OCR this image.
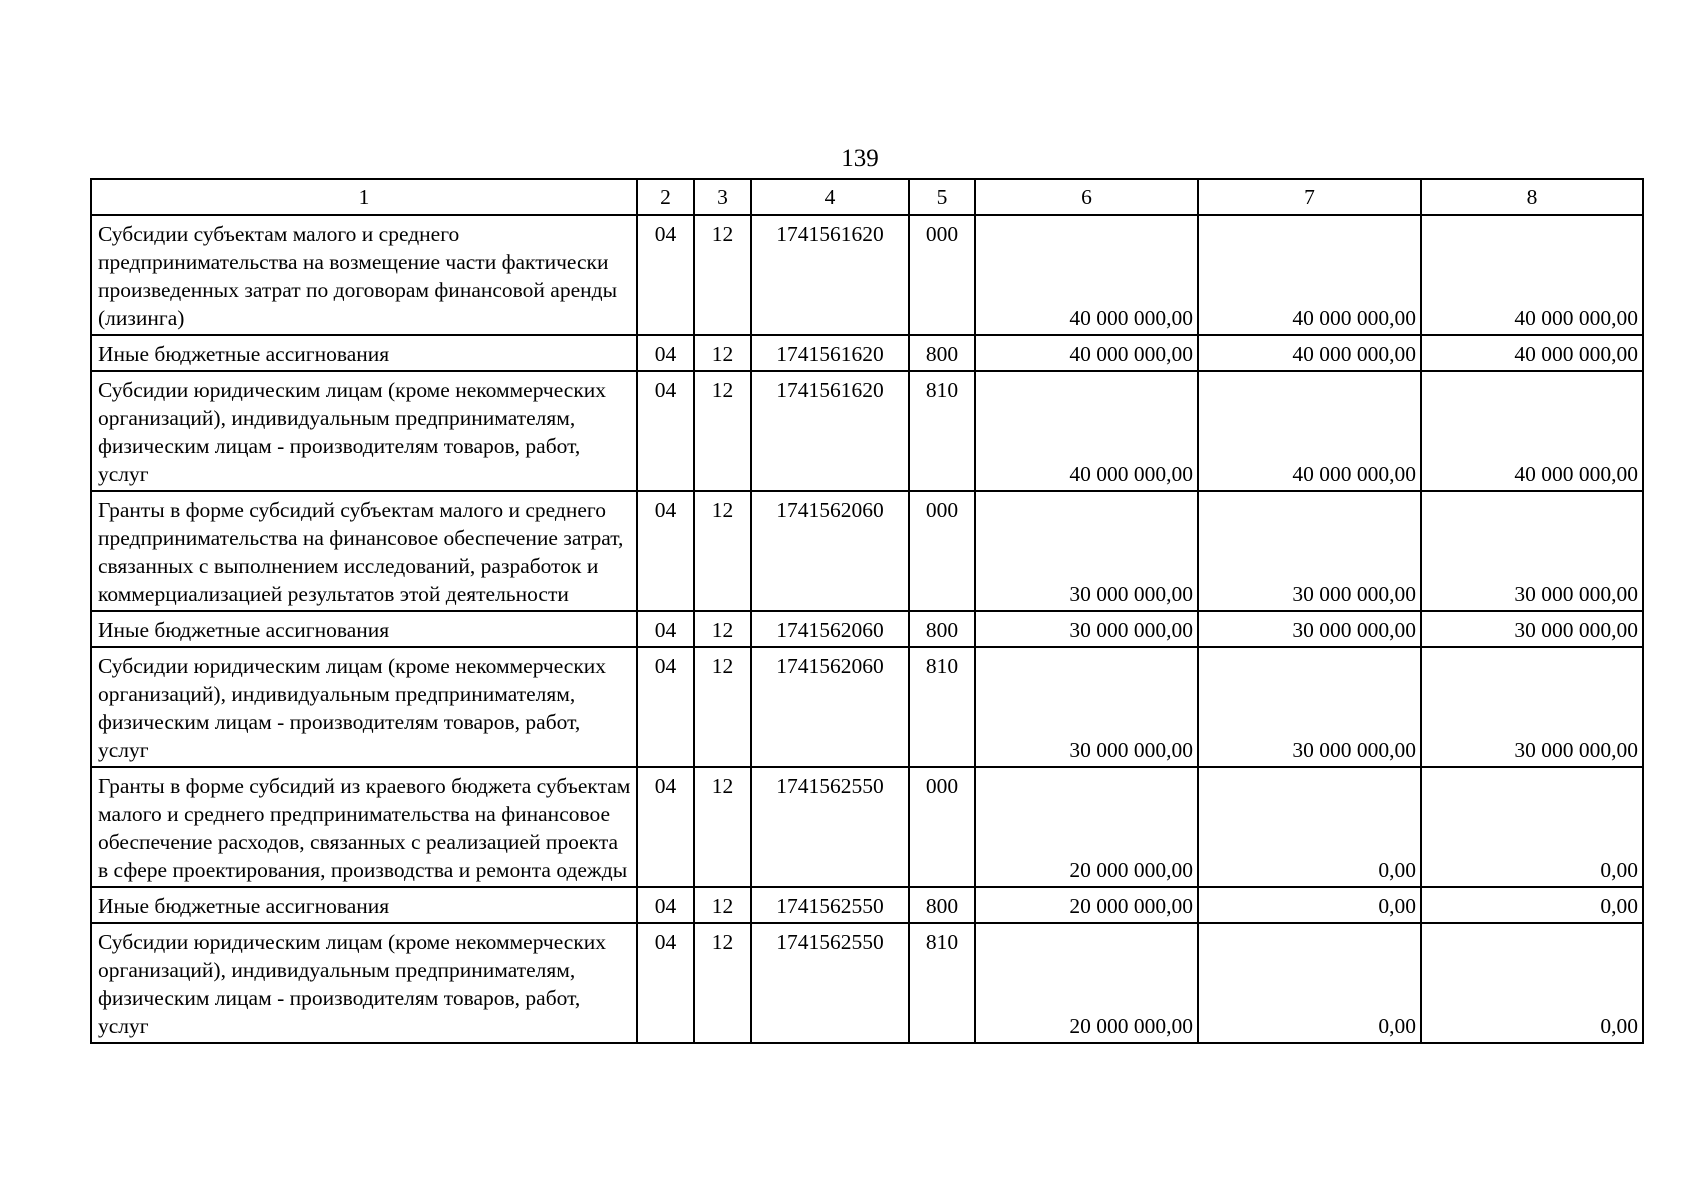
139
1	2	3	4	5	6	7	8
Субсидии субъектам малого и среднего предпринимательства на возмещение части фактически произведенных затрат по договорам финансовой аренды (лизинга)	04	12	1741561620	000	40 000 000,00	40 000 000,00	40 000 000,00
Иные бюджетные ассигнования	04	12	1741561620	800	40 000 000,00	40 000 000,00	40 000 000,00
Субсидии юридическим лицам (кроме некоммерческих организаций), индивидуальным предпринимателям, физическим лицам - производителям товаров, работ, услуг	04	12	1741561620	810	40 000 000,00	40 000 000,00	40 000 000,00
Гранты в форме субсидий субъектам малого и среднего предпринимательства на финансовое обеспечение затрат, связанных с выполнением исследований, разработок и коммерциализацией результатов этой деятельности	04	12	1741562060	000	30 000 000,00	30 000 000,00	30 000 000,00
Иные бюджетные ассигнования	04	12	1741562060	800	30 000 000,00	30 000 000,00	30 000 000,00
Субсидии юридическим лицам (кроме некоммерческих организаций), индивидуальным предпринимателям, физическим лицам - производителям товаров, работ, услуг	04	12	1741562060	810	30 000 000,00	30 000 000,00	30 000 000,00
Гранты в форме субсидий из краевого бюджета субъектам малого и среднего предпринимательства на финансовое обеспечение расходов, связанных с реализацией проекта в сфере проектирования, производства и ремонта одежды	04	12	1741562550	000	20 000 000,00	0,00	0,00
Иные бюджетные ассигнования	04	12	1741562550	800	20 000 000,00	0,00	0,00
Субсидии юридическим лицам (кроме некоммерческих организаций), индивидуальным предпринимателям, физическим лицам - производителям товаров, работ, услуг	04	12	1741562550	810	20 000 000,00	0,00	0,00
